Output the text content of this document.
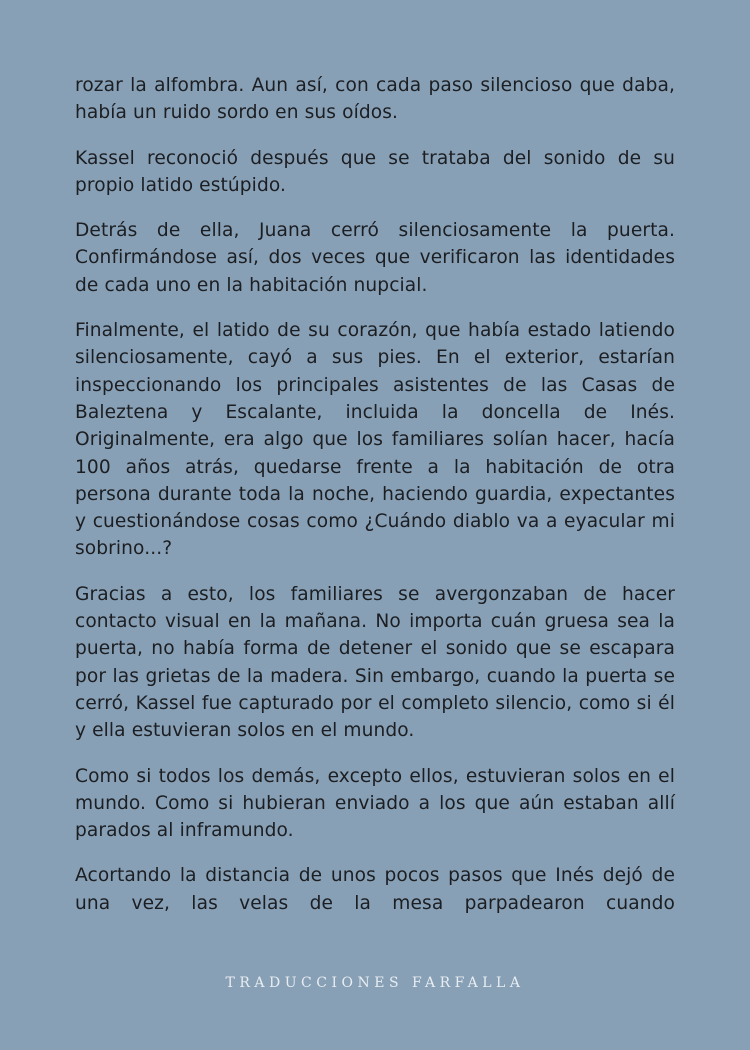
rozar la alfombra. Aun así, con cada paso silencioso que daba, había un ruido sordo en sus oídos.

Kassel reconoció después que se trataba del sonido de su propio latido estúpido.

Detrás de ella, Juana cerró silenciosamente la puerta. Confirmándose así, dos veces que verificaron las identidades de cada uno en la habitación nupcial.

Finalmente, el latido de su corazón, que había estado latiendo silenciosamente, cayó a sus pies. En el exterior, estarían inspeccionando los principales asistentes de las Casas de Baleztena y Escalante, incluida la doncella de Inés. Originalmente, era algo que los familiares solían hacer, hacía 100 años atrás, quedarse frente a la habitación de otra persona durante toda la noche, haciendo guardia, expectantes y cuestionándose cosas como ¿Cuándo diablo va a eyacular mi sobrino...?

Gracias a esto, los familiares se avergonzaban de hacer contacto visual en la mañana. No importa cuán gruesa sea la puerta, no había forma de detener el sonido que se escapara por las grietas de la madera. Sin embargo, cuando la puerta se cerró, Kassel fue capturado por el completo silencio, como si él y ella estuvieran solos en el mundo.

Como si todos los demás, excepto ellos, estuvieran solos en el mundo. Como si hubieran enviado a los que aún estaban allí parados al inframundo.

Acortando la distancia de unos pocos pasos que Inés dejó de una vez, las velas de la mesa parpadearon cuando

TRADUCCIONES FARFALLA
